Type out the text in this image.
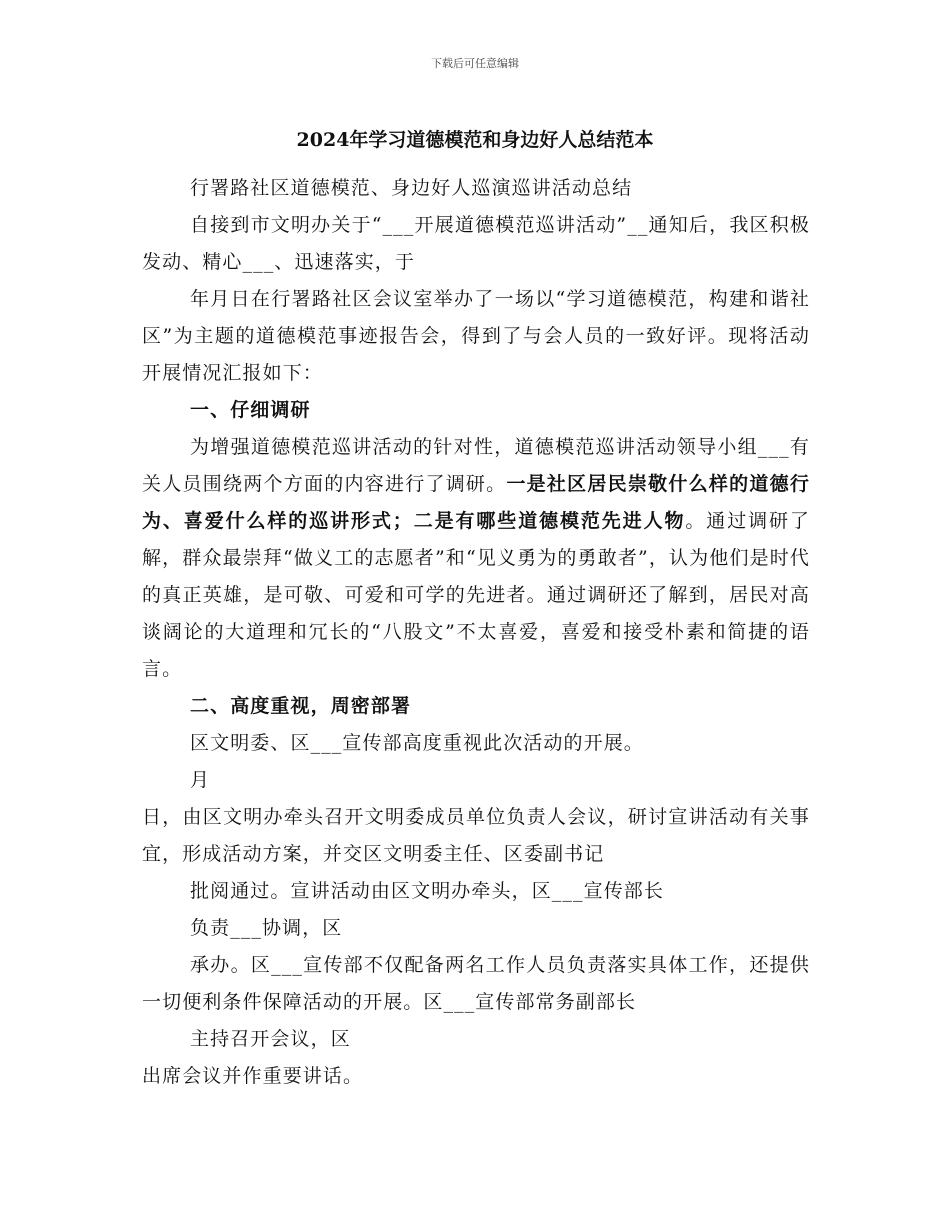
下载后可任意编辑
2024年学习道德模范和身边好人总结范本

行署路社区道德模范、身边好人巡演巡讲活动总结

自接到市文明办关于“___开展道德模范巡讲活动”__通知后，我区积极发动、精心___、迅速落实，于

年月日在行署路社区会议室举办了一场以“学习道德模范，构建和谐社区”为主题的道德模范事迹报告会，得到了与会人员的一致好评。现将活动开展情况汇报如下：

一、仔细调研

为增强道德模范巡讲活动的针对性，道德模范巡讲活动领导小组___有关人员围绕两个方面的内容进行了调研。一是社区居民崇敬什么样的道德行为、喜爱什么样的巡讲形式；二是有哪些道德模范先进人物。通过调研了解，群众最崇拜“做义工的志愿者”和“见义勇为的勇敢者”，认为他们是时代的真正英雄，是可敬、可爱和可学的先进者。通过调研还了解到，居民对高谈阔论的大道理和冗长的“八股文”不太喜爱，喜爱和接受朴素和简捷的语言。

二、高度重视，周密部署

区文明委、区___宣传部高度重视此次活动的开展。

月

日，由区文明办牵头召开文明委成员单位负责人会议，研讨宣讲活动有关事宜，形成活动方案，并交区文明委主任、区委副书记

批阅通过。宣讲活动由区文明办牵头，区___宣传部长

负责___协调，区

承办。区___宣传部不仅配备两名工作人员负责落实具体工作，还提供一切便利条件保障活动的开展。区___宣传部常务副部长

主持召开会议，区

出席会议并作重要讲话。
